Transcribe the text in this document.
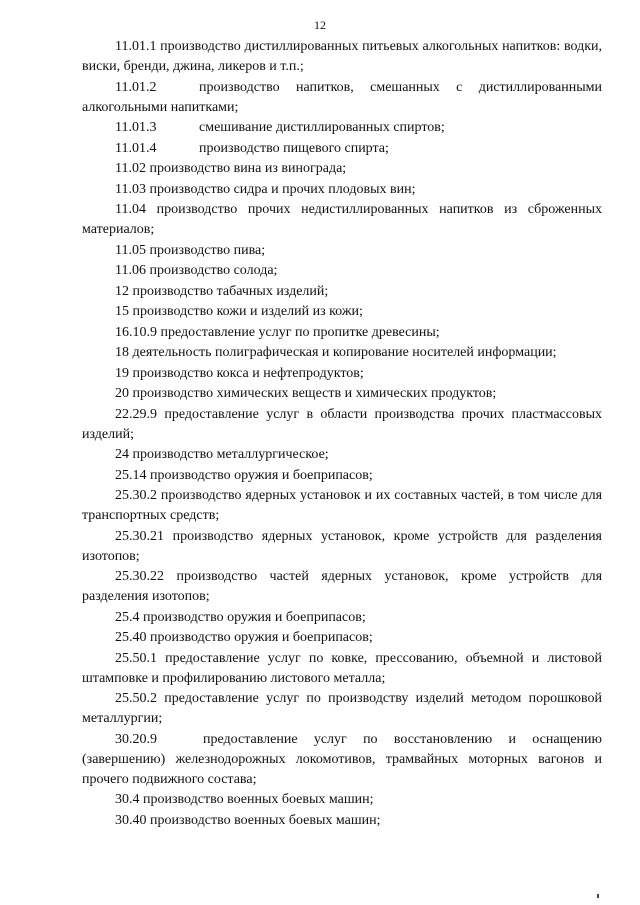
12

11.01.1 производство дистиллированных питьевых алкогольных напитков: водки, виски, бренди, джина, ликеров и т.п.;

11.01.2	производство напитков, смешанных с дистиллированными алкогольными напитками;

11.01.3	смешивание дистиллированных спиртов;

11.01.4	производство пищевого спирта;

11.02 производство вина из винограда;

11.03 производство сидра и прочих плодовых вин;

11.04 производство прочих недистиллированных напитков из сброженных материалов;

11.05 производство пива;

11.06 производство солода;

12 производство табачных изделий;

15 производство кожи и изделий из кожи;

16.10.9 предоставление услуг по пропитке древесины;

18 деятельность полиграфическая и копирование носителей информации;

19 производство кокса и нефтепродуктов;

20 производство химических веществ и химических продуктов;

22.29.9 предоставление услуг в области производства прочих пластмассовых изделий;

24 производство металлургическое;

25.14 производство оружия и боеприпасов;

25.30.2 производство ядерных установок и их составных частей, в том числе для транспортных средств;

25.30.21 производство ядерных установок, кроме устройств для разделения изотопов;

25.30.22 производство частей ядерных установок, кроме устройств для разделения изотопов;

25.4 производство оружия и боеприпасов;

25.40 производство оружия и боеприпасов;

25.50.1 предоставление услуг по ковке, прессованию, объемной и листовой штамповке и профилированию листового металла;

25.50.2 предоставление услуг по производству изделий методом порошковой металлургии;

30.20.9	предоставление услуг по восстановлению и оснащению (завершению) железнодорожных локомотивов, трамвайных моторных вагонов и прочего подвижного состава;

30.4 производство военных боевых машин;

30.40 производство военных боевых машин;
